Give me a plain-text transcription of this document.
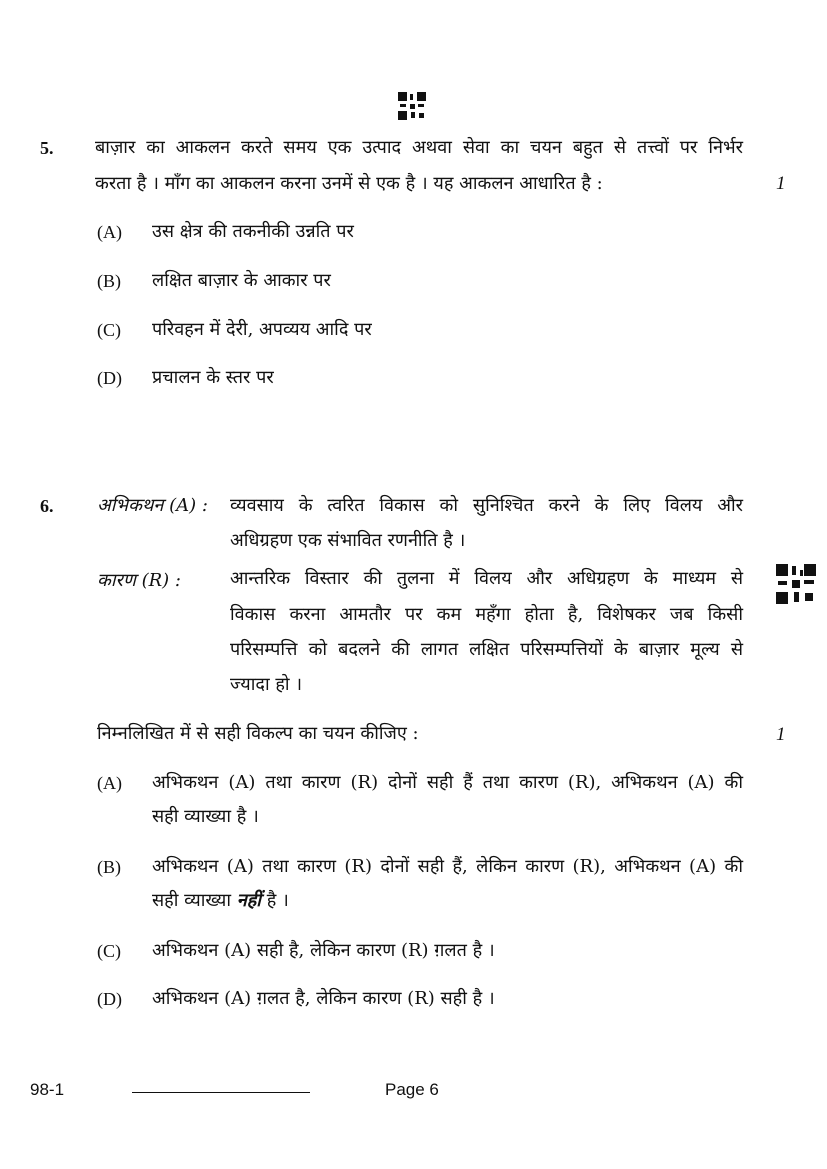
5. बाज़ार का आकलन करते समय एक उत्पाद अथवा सेवा का चयन बहुत से तत्त्वों पर निर्भर
करता है । माँग का आकलन करना उनमें से एक है । यह आकलन आधारित है :	1
(A) उस क्षेत्र की तकनीकी उन्नति पर
(B) लक्षित बाज़ार के आकार पर
(C) परिवहन में देरी, अपव्यय आदि पर
(D) प्रचालन के स्तर पर
6. अभिकथन (A) : व्यवसाय के त्वरित विकास को सुनिश्चित करने के लिए विलय और
अधिग्रहण एक संभावित रणनीति है ।
कारण (R) :	आन्तरिक विस्तार की तुलना में विलय और अधिग्रहण के माध्यम से
विकास करना आमतौर पर कम महँगा होता है, विशेषकर जब किसी
परिसम्पत्ति को बदलने की लागत लक्षित परिसम्पत्तियों के बाज़ार मूल्य से
ज्यादा हो ।
निम्नलिखित में से सही विकल्प का चयन कीजिए :	1
(A) अभिकथन (A) तथा कारण (R) दोनों सही हैं तथा कारण (R), अभिकथन (A) की
सही व्याख्या है ।
(B) अभिकथन (A) तथा कारण (R) दोनों सही हैं, लेकिन कारण (R), अभिकथन (A) की
सही व्याख्या नहीं है ।
(C) अभिकथन (A) सही है, लेकिन कारण (R) ग़लत है ।
(D) अभिकथन (A) ग़लत है, लेकिन कारण (R) सही है ।
98-1	Page 6
